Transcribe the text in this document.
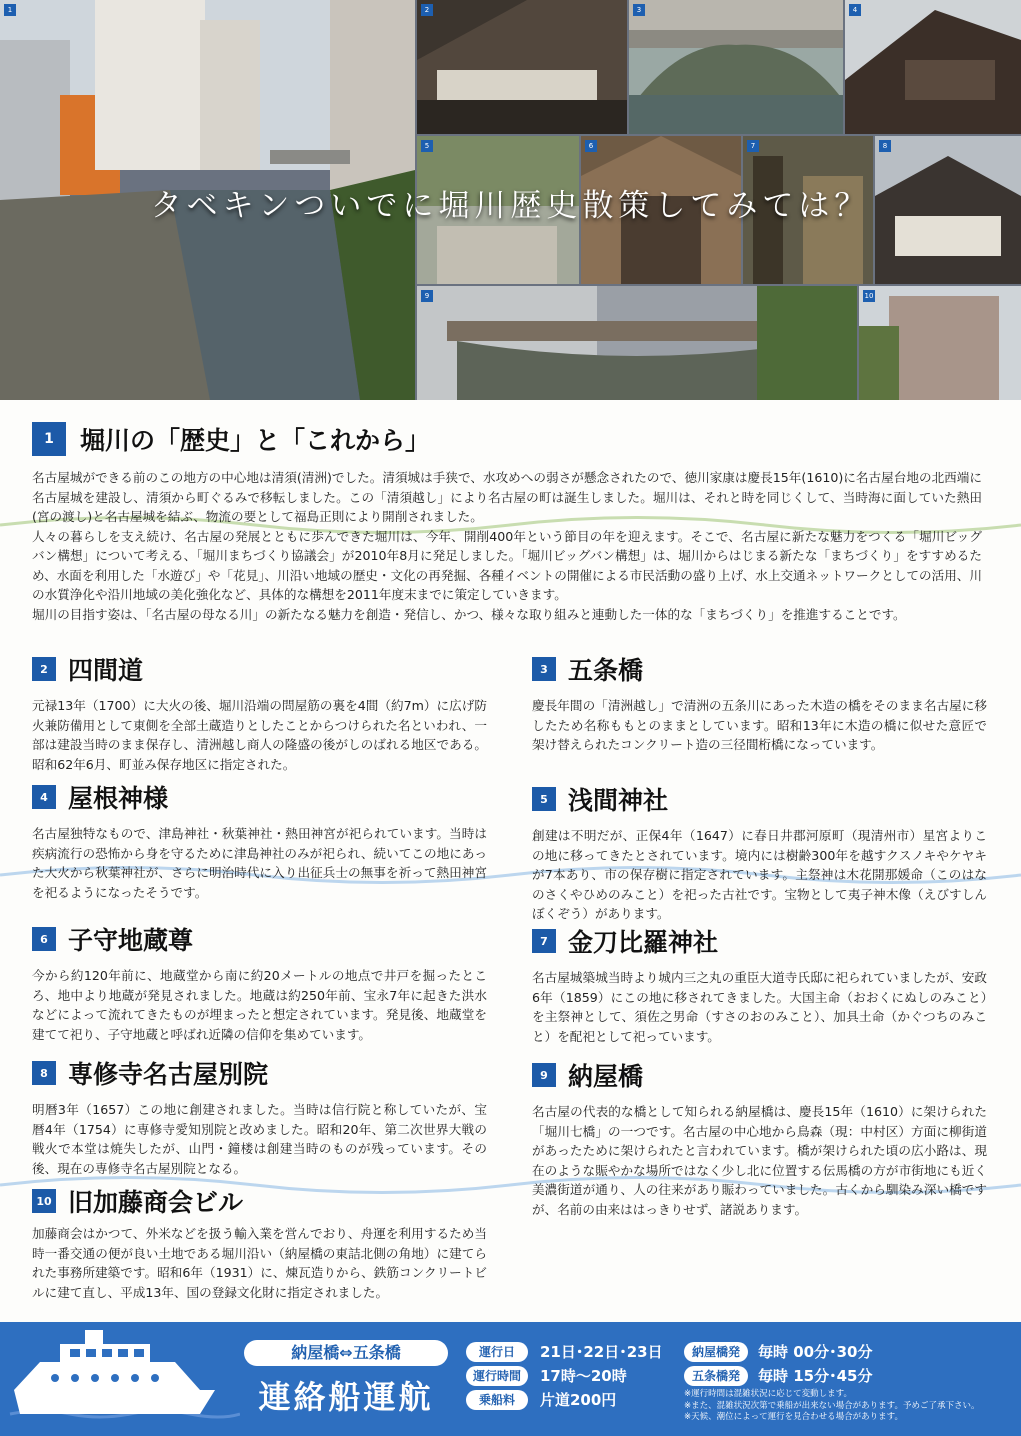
1	2	3	4
5	6	7	8
9	10
タベキンついでに堀川歴史散策してみては？
1	堀川の「歴史」と「これから」
名古屋城ができる前のこの地方の中心地は清須(清洲)でした。清須城は手狭で、水攻めへの弱さが懸念されたので、徳川家康は慶長15年(1610)に名古屋台地の北西端に名古屋城を建設し、清須から町ぐるみで移転しました。この「清須越し」により名古屋の町は誕生しました。堀川は、それと時を同じくして、当時海に面していた熱田(宮の渡し)と名古屋城を結ぶ、物流の要として福島正則により開削されました。
人々の暮らしを支え続け、名古屋の発展とともに歩んできた堀川は、今年、開削400年という節目の年を迎えます。そこで、名古屋に新たな魅力をつくる「堀川ビッグバン構想」について考える、「堀川まちづくり協議会」が2010年8月に発足しました。「堀川ビッグバン構想」は、堀川からはじまる新たな「まちづくり」をすすめるため、水面を利用した「水遊び」や「花見」、川沿い地域の歴史・文化の再発掘、各種イベントの開催による市民活動の盛り上げ、水上交通ネットワークとしての活用、川の水質浄化や沿川地域の美化強化など、具体的な構想を2011年度末までに策定していきます。
堀川の目指す姿は、「名古屋の母なる川」の新たなる魅力を創造・発信し、かつ、様々な取り組みと連動した一体的な「まちづくり」を推進することです。
2 四間道
元禄13年（1700）に大火の後、堀川沿端の問屋筋の裏を4間（約7m）に広げ防火兼防備用として東側を全部土蔵造りとしたことからつけられた名といわれ、一部は建設当時のまま保存し、清洲越し商人の隆盛の後がしのばれる地区である。昭和62年6月、町並み保存地区に指定された。
4 屋根神様
名古屋独特なもので、津島神社・秋葉神社・熱田神宮が祀られています。当時は疾病流行の恐怖から身を守るために津島神社のみが祀られ、続いてこの地にあった大火から秋葉神社が、さらに明治時代に入り出征兵士の無事を祈って熱田神宮を祀るようになったそうです。
6 子守地蔵尊
今から約120年前に、地蔵堂から南に約20メートルの地点で井戸を掘ったところ、地中より地蔵が発見されました。地蔵は約250年前、宝永7年に起きた洪水などによって流れてきたものが埋まったと想定されています。発見後、地蔵堂を建てて祀り、子守地蔵と呼ばれ近隣の信仰を集めています。
8 専修寺名古屋別院
明暦3年（1657）この地に創建されました。当時は信行院と称していたが、宝暦4年（1754）に専修寺愛知別院と改めました。昭和20年、第二次世界大戦の戦火で本堂は焼失したが、山門・鐘楼は創建当時のものが残っています。その後、現在の専修寺名古屋別院となる。
10 旧加藤商会ビル
加藤商会はかつて、外米などを扱う輸入業を営んでおり、舟運を利用するため当時一番交通の便が良い土地である堀川沿い（納屋橋の東詰北側の角地）に建てられた事務所建築です。昭和6年（1931）に、煉瓦造りから、鉄筋コンクリートビルに建て直し、平成13年、国の登録文化財に指定されました。
3 五条橋
慶長年間の「清洲越し」で清洲の五条川にあった木造の橋をそのまま名古屋に移したため名称ももとのままとしています。昭和13年に木造の橋に似せた意匠で架け替えられたコンクリート造の三径間桁橋になっています。
5 浅間神社
創建は不明だが、正保4年（1647）に春日井郡河原町（現清州市）星宮よりこの地に移ってきたとされています。境内には樹齢300年を越すクスノキやケヤキが7本あり、市の保存樹に指定されています。主祭神は木花開那媛命（このはなのさくやひめのみこと）を祀った古社です。宝物として夷子神木像（えびすしんぼくぞう）があります。
7 金刀比羅神社
名古屋城築城当時より城内三之丸の重臣大道寺氏邸に祀られていましたが、安政6年（1859）にこの地に移されてきました。大国主命（おおくにぬしのみこと）を主祭神として、須佐之男命（すさのおのみこと）、加具土命（かぐつちのみこと）を配祀として祀っています。
9 納屋橋
名古屋の代表的な橋として知られる納屋橋は、慶長15年（1610）に架けられた「堀川七橋」の一つです。名古屋の中心地から鳥森（現：中村区）方面に柳街道があったために架けられたと言われています。橋が架けられた頃の広小路は、現在のような賑やかな場所ではなく少し北に位置する伝馬橋の方が市街地にも近く美濃街道が通り、人の往来があり賑わっていました。古くから馴染み深い橋ですが、名前の由来ははっきりせず、諸説あります。
納屋橋⇔五条橋
連絡船運航
運行日	21日･22日･23日
運行時間	17時～20時
乗船料	片道200円
納屋橋発	毎時 00分･30分
五条橋発	毎時 15分･45分
※運行時間は混雑状況に応じて変動します。
※また、混雑状況次第で乗船が出来ない場合があります。予めご了承下さい。
※天候、潮位によって運行を見合わせる場合があります。
